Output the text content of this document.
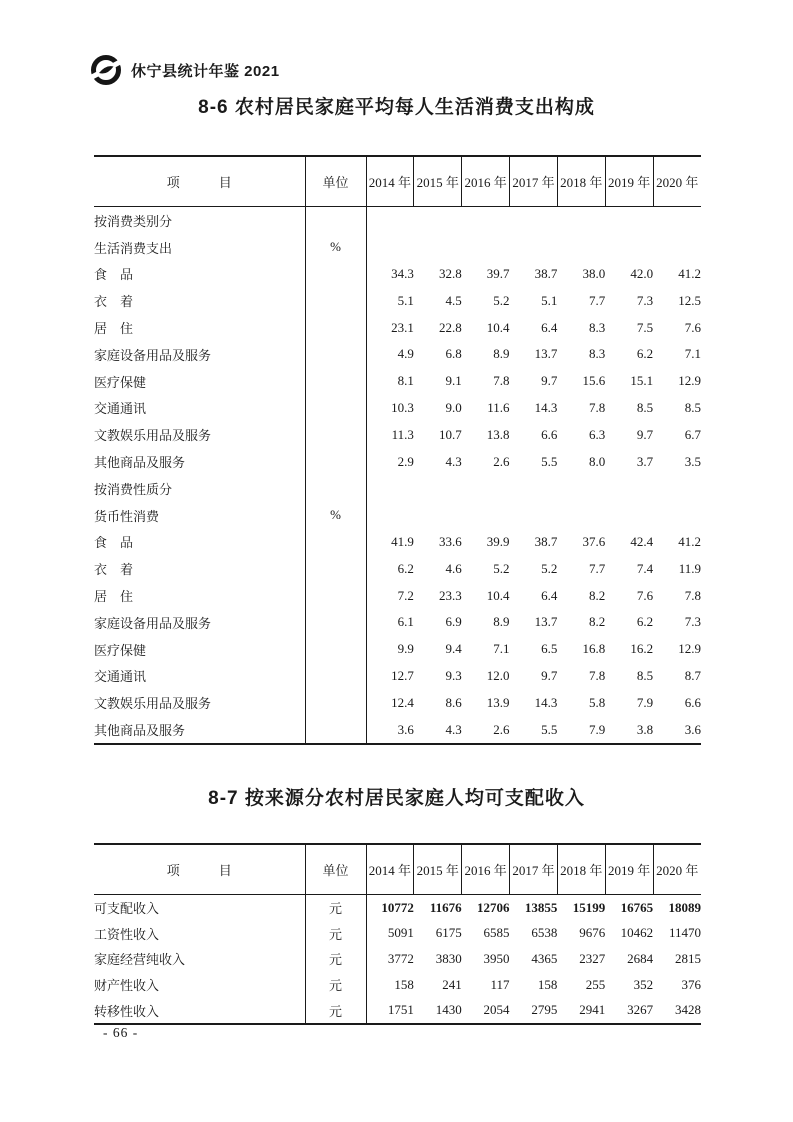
休宁县统计年鉴 2021
8-6 农村居民家庭平均每人生活消费支出构成
项　　　目	单位	2014 年	2015 年	2016 年	2017 年	2018 年	2019 年	2020 年
按消费类别分								
生活消费支出	%							
食　品		34.3	32.8	39.7	38.7	38.0	42.0	41.2
衣　着		5.1	4.5	5.2	5.1	7.7	7.3	12.5
居　住		23.1	22.8	10.4	6.4	8.3	7.5	7.6
家庭设备用品及服务		4.9	6.8	8.9	13.7	8.3	6.2	7.1
医疗保健		8.1	9.1	7.8	9.7	15.6	15.1	12.9
交通通讯		10.3	9.0	11.6	14.3	7.8	8.5	8.5
文教娱乐用品及服务		11.3	10.7	13.8	6.6	6.3	9.7	6.7
其他商品及服务		2.9	4.3	2.6	5.5	8.0	3.7	3.5
按消费性质分								
货币性消费	%							
食　品		41.9	33.6	39.9	38.7	37.6	42.4	41.2
衣　着		6.2	4.6	5.2	5.2	7.7	7.4	11.9
居　住		7.2	23.3	10.4	6.4	8.2	7.6	7.8
家庭设备用品及服务		6.1	6.9	8.9	13.7	8.2	6.2	7.3
医疗保健		9.9	9.4	7.1	6.5	16.8	16.2	12.9
交通通讯		12.7	9.3	12.0	9.7	7.8	8.5	8.7
文教娱乐用品及服务		12.4	8.6	13.9	14.3	5.8	7.9	6.6
其他商品及服务		3.6	4.3	2.6	5.5	7.9	3.8	3.6
8-7 按来源分农村居民家庭人均可支配收入
项　　　目	单位	2014 年	2015 年	2016 年	2017 年	2018 年	2019 年	2020 年
可支配收入	元	10772	11676	12706	13855	15199	16765	18089
工资性收入	元	5091	6175	6585	6538	9676	10462	11470
家庭经营纯收入	元	3772	3830	3950	4365	2327	2684	2815
财产性收入	元	158	241	117	158	255	352	376
转移性收入	元	1751	1430	2054	2795	2941	3267	3428
- 66 -
